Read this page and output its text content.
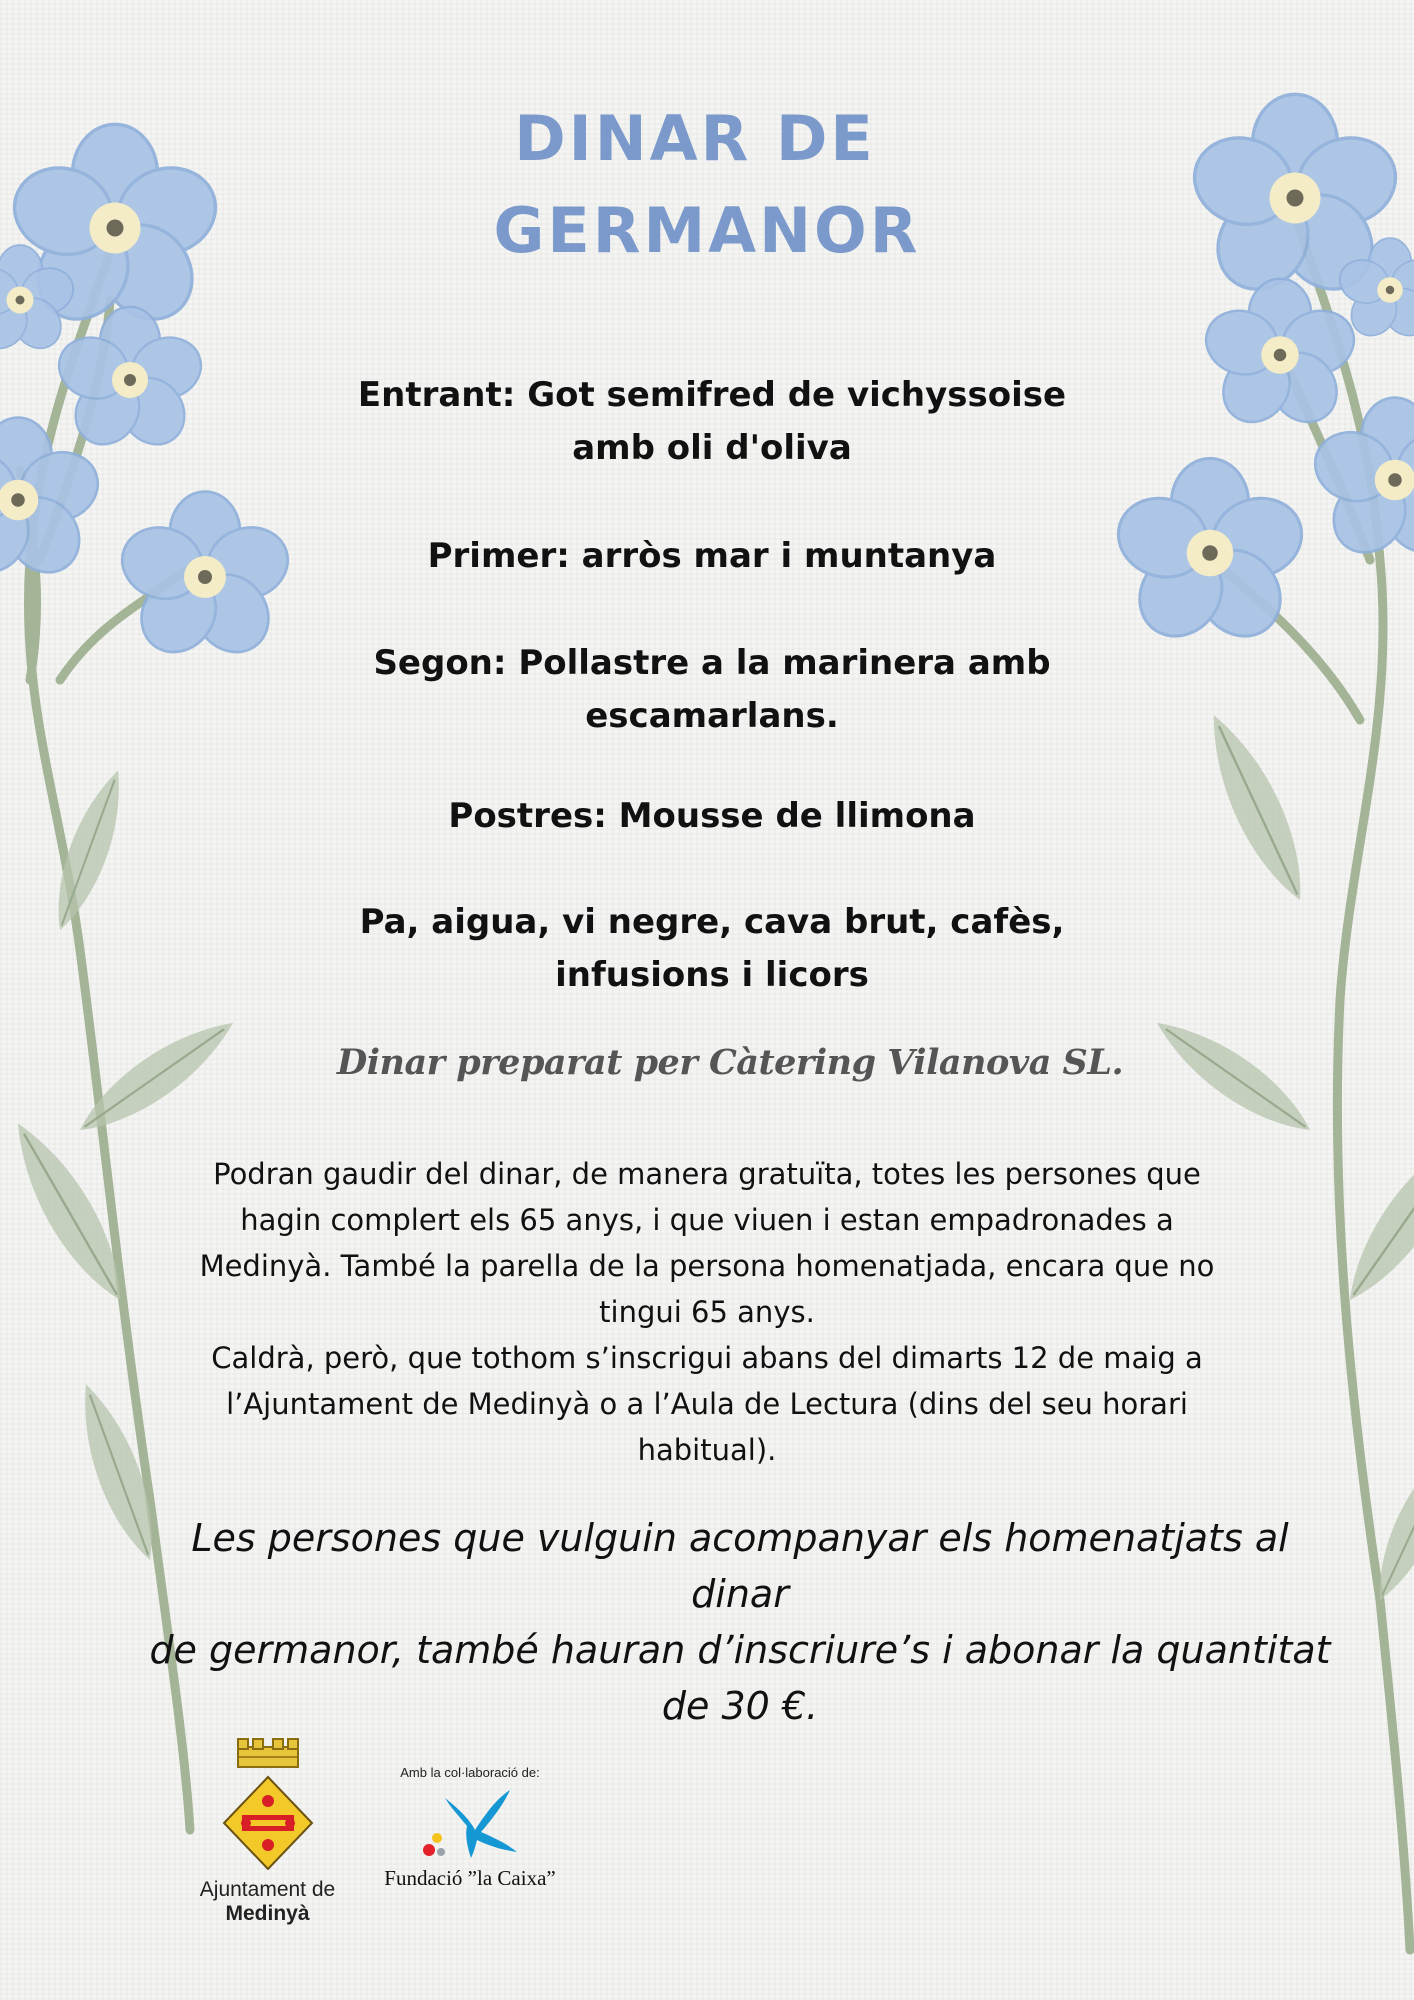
DINAR DE
GERMANOR
Entrant: Got semifred de vichyssoise
amb oli d'oliva
Primer: arròs mar i muntanya
Segon: Pollastre a la marinera amb
escamarlans.
Postres: Mousse de llimona
Pa, aigua, vi negre, cava brut, cafès,
infusions i licors
Dinar preparat per Càtering Vilanova SL.

Podran gaudir del dinar, de manera gratuïta, totes les persones que
hagin complert els 65 anys, i que viuen i estan empadronades a
Medinyà. També la parella de la persona homenatjada, encara que no
tingui 65 anys.

Caldrà, però, que tothom s’inscrigui abans del dimarts 12 de maig a
l’Ajuntament de Medinyà o a l’Aula de Lectura (dins del seu horari
habitual).

Les persones que vulguin acompanyar els homenatjats al dinar
de germanor, també hauran d’inscriure’s i abonar la quantitat
de 30 €.
Ajuntament de
Medinyà
Amb la col·laboració de:
Fundació ”la Caixa”
